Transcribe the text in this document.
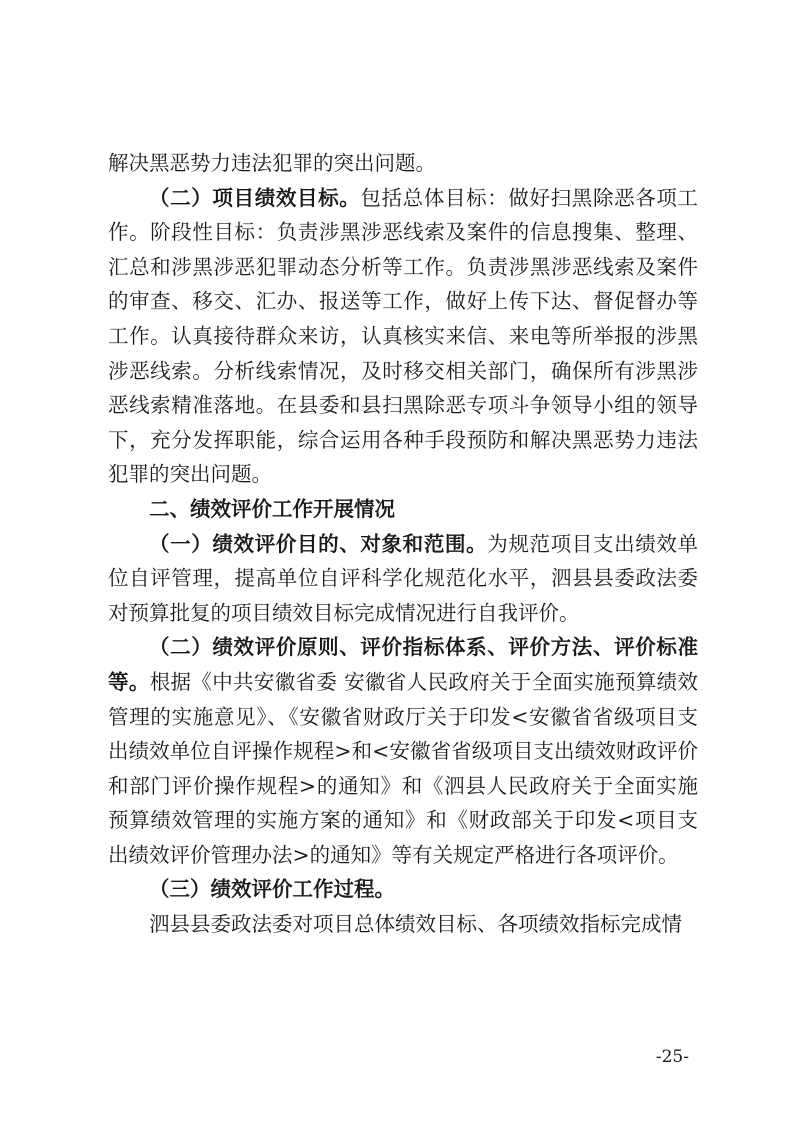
解决黑恶势力违法犯罪的突出问题。

（二）项目绩效目标。包括总体目标：做好扫黑除恶各项工作。阶段性目标：负责涉黑涉恶线索及案件的信息搜集、整理、汇总和涉黑涉恶犯罪动态分析等工作。负责涉黑涉恶线索及案件的审查、移交、汇办、报送等工作，做好上传下达、督促督办等工作。认真接待群众来访，认真核实来信、来电等所举报的涉黑涉恶线索。分析线索情况，及时移交相关部门，确保所有涉黑涉恶线索精准落地。在县委和县扫黑除恶专项斗争领导小组的领导下，充分发挥职能，综合运用各种手段预防和解决黑恶势力违法犯罪的突出问题。

二、绩效评价工作开展情况

（一）绩效评价目的、对象和范围。为规范项目支出绩效单位自评管理，提高单位自评科学化规范化水平，泗县县委政法委对预算批复的项目绩效目标完成情况进行自我评价。

（二）绩效评价原则、评价指标体系、评价方法、评价标准等。根据《中共安徽省委 安徽省人民政府关于全面实施预算绩效管理的实施意见》、《安徽省财政厅关于印发<安徽省省级项目支出绩效单位自评操作规程>和<安徽省省级项目支出绩效财政评价和部门评价操作规程>的通知》和《泗县人民政府关于全面实施预算绩效管理的实施方案的通知》和《财政部关于印发<项目支出绩效评价管理办法>的通知》等有关规定严格进行各项评价。

（三）绩效评价工作过程。

泗县县委政法委对项目总体绩效目标、各项绩效指标完成情

-25-
